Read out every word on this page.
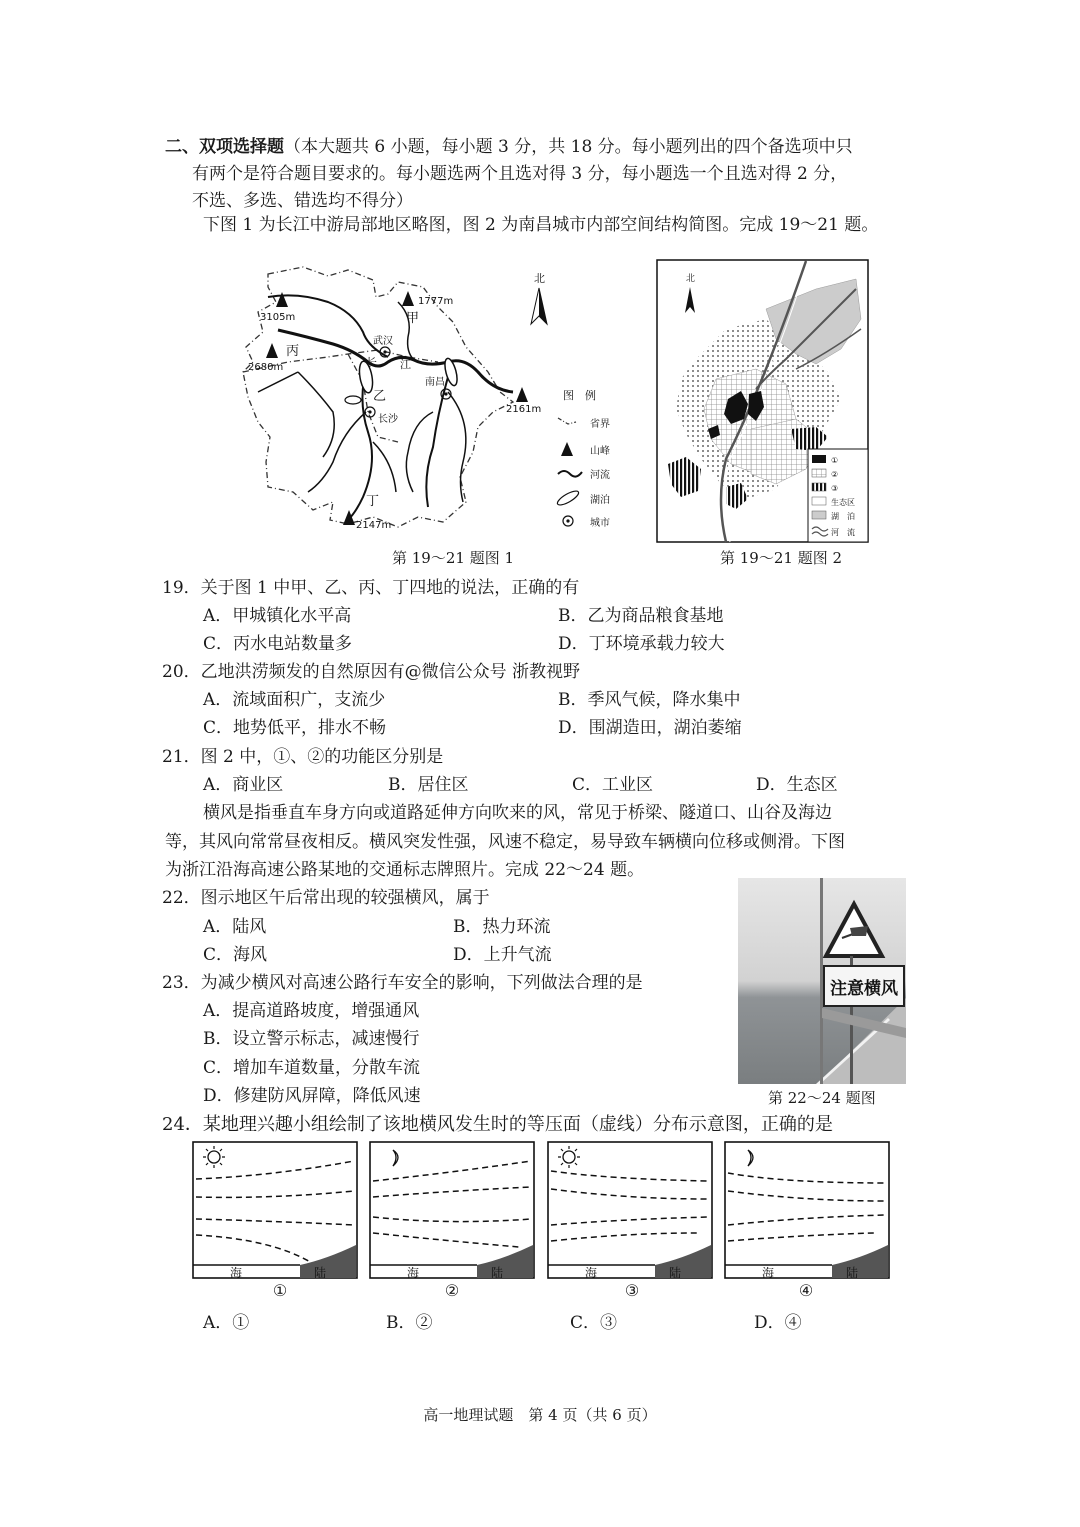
二、双项选择题（本大题共 6 小题，每小题 3 分，共 18 分。每小题列出的四个备选项中只
有两个是符合题目要求的。每小题选两个且选对得 3 分，每小题选一个且选对得 2 分，
不选、多选、错选均不得分）
下图 1 为长江中游局部地区略图，图 2 为南昌城市内部空间结构简图。完成 19～21 题。
3105m
1777m
2680m
2161m
2147m
甲
乙
丙
丁
武汉
长沙
南昌
长 江
北
图　例
省界
山峰
河流
湖泊
城市
第 19～21 题图 1
北
①
②
③
生态区
湖　泊
河　流
第 19～21 题图 2
19．关于图 1 中甲、乙、丙、丁四地的说法，正确的有
A．甲城镇化水平高	B．乙为商品粮食基地
C．丙水电站数量多	D．丁环境承载力较大
20．乙地洪涝频发的自然原因有@微信公众号 浙教视野
A．流域面积广，支流少	B．季风气候，降水集中
C．地势低平，排水不畅	D．围湖造田，湖泊萎缩
21．图 2 中，①、②的功能区分别是
A．商业区	B．居住区	C．工业区	D．生态区
横风是指垂直车身方向或道路延伸方向吹来的风，常见于桥梁、隧道口、山谷及海边
等，其风向常常昼夜相反。横风突发性强，风速不稳定，易导致车辆横向位移或侧滑。下图
为浙江沿海高速公路某地的交通标志牌照片。完成 22～24 题。
22．图示地区午后常出现的较强横风，属于
A．陆风	B．热力环流
C．海风	D．上升气流
23．为减少横风对高速公路行车安全的影响，下列做法合理的是
A．提高道路坡度，增强通风
B．设立警示标志，减速慢行
C．增加车道数量，分散车流
D．修建防风屏障，降低风速
注意横风
第 22～24 题图
24．某地理兴趣小组绘制了该地横风发生时的等压面（虚线）分布示意图，正确的是
海	陆	海	陆	海	陆	海	陆
①	②	③	④
A．①	B．②	C．③	D．④
高一地理试题　第 4 页（共 6 页）
